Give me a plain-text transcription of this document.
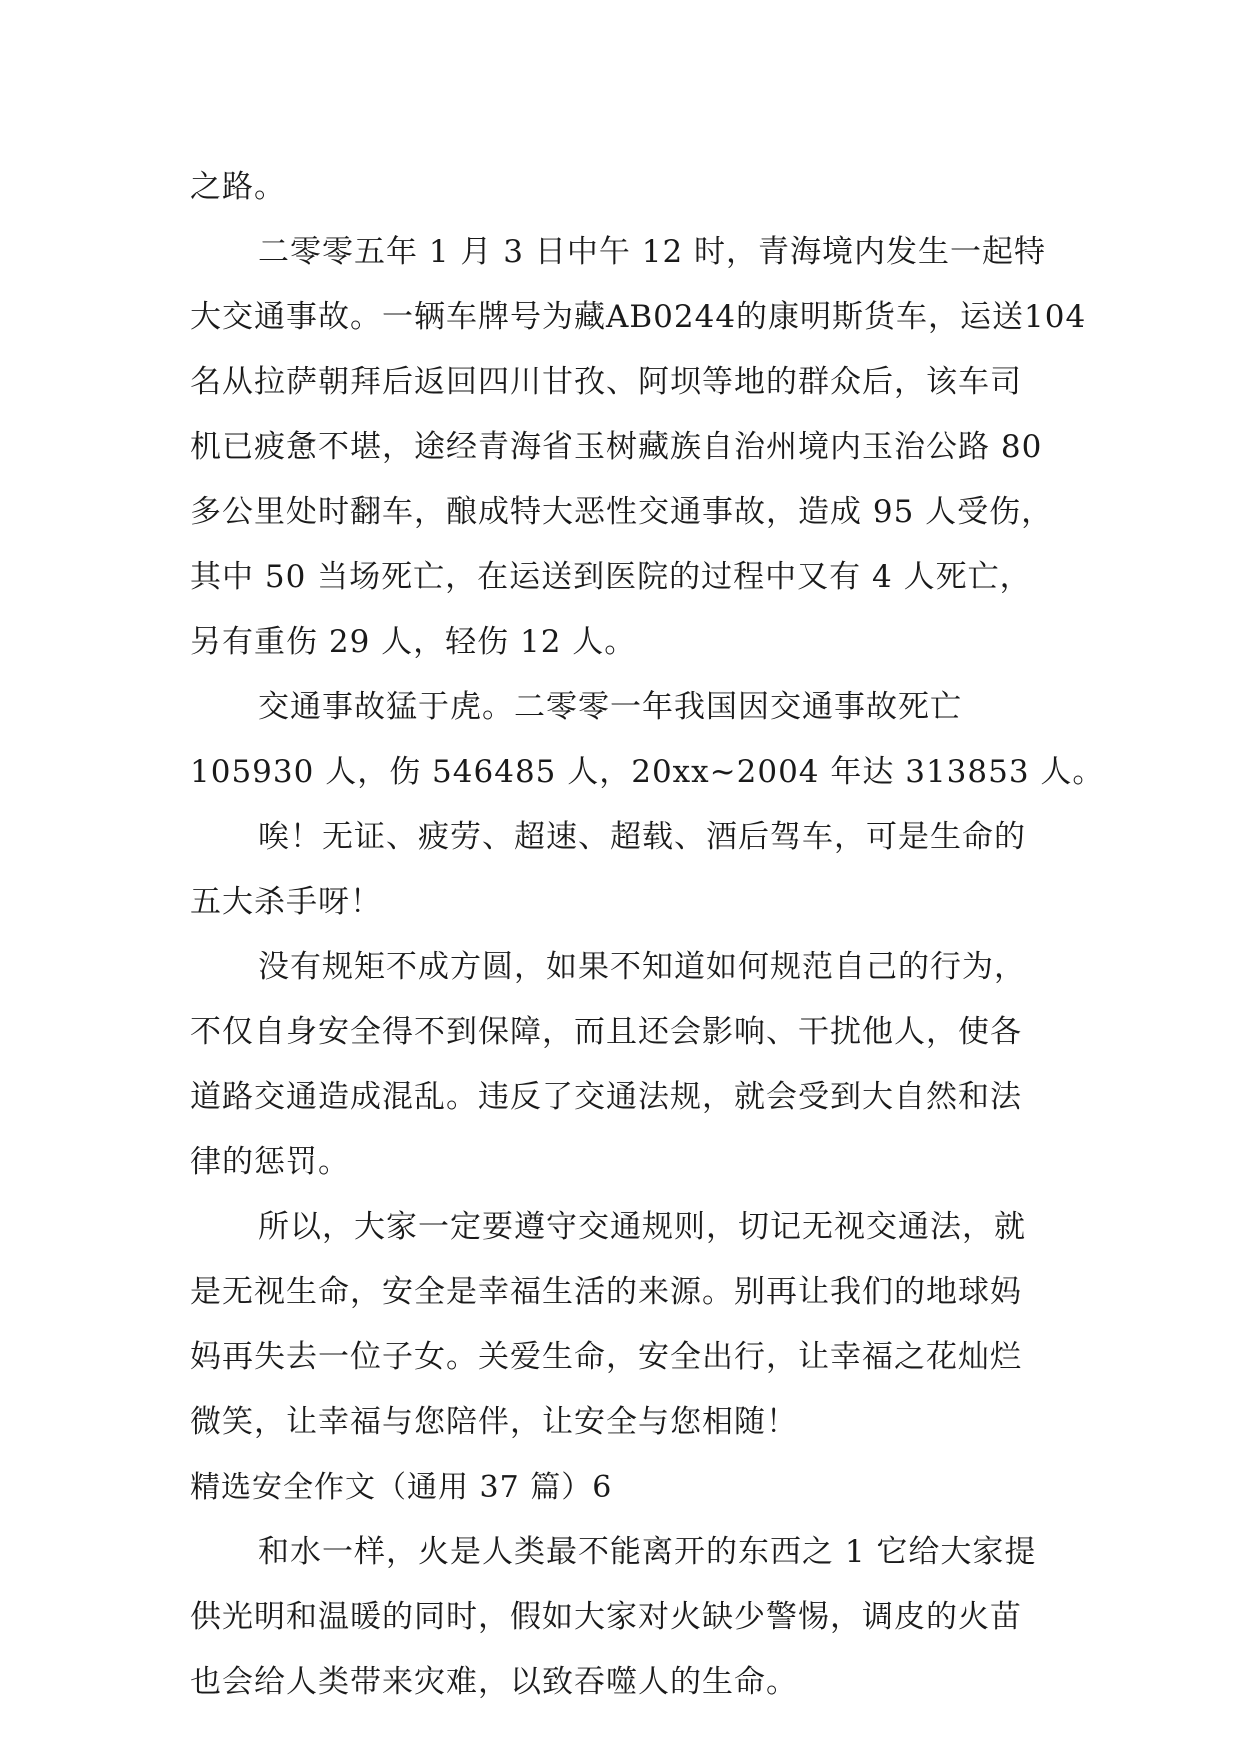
之路。
二零零五年 1 月 3 日中午 12 时，青海境内发生一起特
大交通事故。一辆车牌号为藏AB0244的康明斯货车，运送104
名从拉萨朝拜后返回四川甘孜、阿坝等地的群众后，该车司
机已疲惫不堪，途经青海省玉树藏族自治州境内玉治公路 80
多公里处时翻车，酿成特大恶性交通事故，造成 95 人受伤，
其中 50 当场死亡，在运送到医院的过程中又有 4 人死亡，
另有重伤 29 人，轻伤 12 人。
交通事故猛于虎。二零零一年我国因交通事故死亡
105930 人，伤 546485 人，20xx~2004 年达 313853 人。
唉！无证、疲劳、超速、超载、酒后驾车，可是生命的
五大杀手呀！
没有规矩不成方圆，如果不知道如何规范自己的行为，
不仅自身安全得不到保障，而且还会影响、干扰他人，使各
道路交通造成混乱。违反了交通法规，就会受到大自然和法
律的惩罚。
所以，大家一定要遵守交通规则，切记无视交通法，就
是无视生命，安全是幸福生活的来源。别再让我们的地球妈
妈再失去一位子女。关爱生命，安全出行，让幸福之花灿烂
微笑，让幸福与您陪伴，让安全与您相随！
精选安全作文（通用 37 篇）6
和水一样，火是人类最不能离开的东西之 1 它给大家提
供光明和温暖的同时，假如大家对火缺少警惕，调皮的火苗
也会给人类带来灾难，以致吞噬人的生命。
